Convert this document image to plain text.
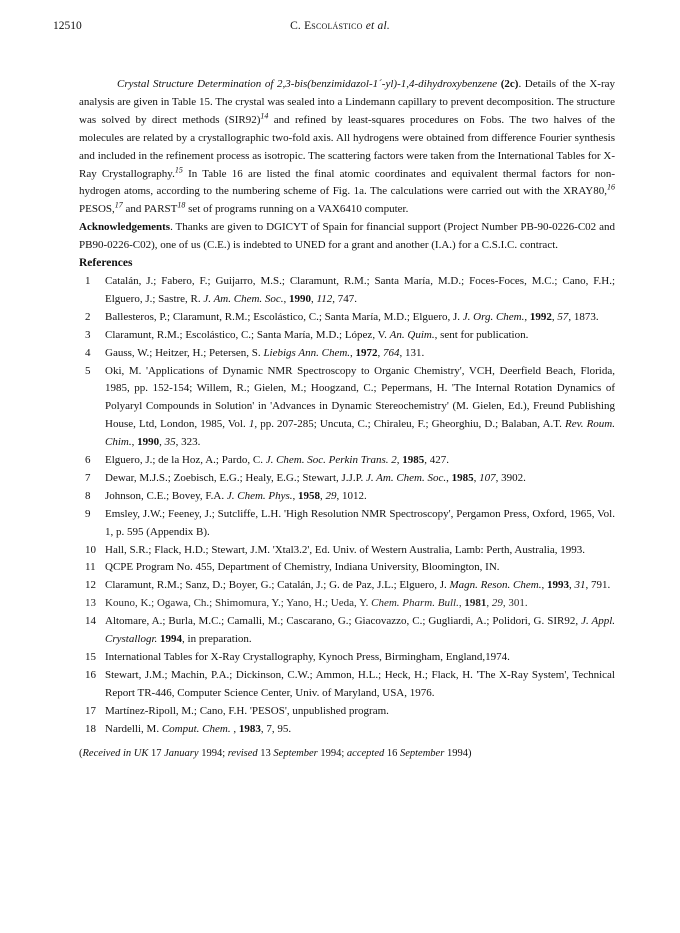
12510	C. Escolástico et al.

Crystal Structure Determination of 2,3-bis(benzimidazol-1´-yl)-1,4-dihydroxybenzene (2c). Details of the X-ray analysis are given in Table 15. The crystal was sealed into a Lindemann capillary to prevent decomposition. The structure was solved by direct methods $(SIR92)^{14}$ and refined by least-squares procedures on Fobs. The two halves of the molecules are related by a crystallographic two-fold axis. All hydrogens were obtained from difference Fourier synthesis and included in the refinement process as isotropic. The scattering factors were taken from the International Tables for X-Ray Crystallography.$^{15}$ In Table 16 are listed the final atomic coordinates and equivalent thermal factors for non-hydrogen atoms, according to the numbering scheme of Fig. 1a. The calculations were carried out with the XRAY80,16 PESOS,$^{17}$ and PARST$^{18}$ set of programs running on a VAX6410 computer.

Acknowledgements. Thanks are given to DGICYT of Spain for financial support (Project Number PB-90-0226-C02 and PB90-0226-C02), one of us (C.E.) is indebted to UNED for a grant and another (I.A.) for a C.S.I.C. contract.

References

1	Catalán, J.; Fabero, F.; Guijarro, M.S.; Claramunt, R.M.; Santa María, M.D.; Foces-Foces, M.C.; Cano, F.H.; Elguero, J.; Sastre, R. J. Am. Chem. Soc., 1990, 112, 747.
2	Ballesteros, P.; Claramunt, R.M.; Escolástico, C.; Santa María, M.D.; Elguero, J. J. Org. Chem., 1992, 57, 1873.
3	Claramunt, R.M.; Escolástico, C.; Santa María, M.D.; López, V. An. Quim., sent for publication.
4	Gauss, W.; Heitzer, H.; Petersen, S. Liebigs Ann. Chem., 1972, 764, 131.
5	Oki, M. 'Applications of Dynamic NMR Spectroscopy to Organic Chemistry', VCH, Deerfield Beach, Florida, 1985, pp. 152-154; Willem, R.; Gielen, M.; Hoogzand, C.; Pepermans, H. 'The Internal Rotation Dynamics of Polyaryl Compounds in Solution' in 'Advances in Dynamic Stereochemistry' (M. Gielen, Ed.), Freund Publishing House, Ltd, London, 1985, Vol. 1, pp. 207-285; Uncuta, C.; Chiraleu, F.; Gheorghiu, D.; Balaban, A.T. Rev. Roum. Chim., 1990, 35, 323.
6	Elguero, J.; de la Hoz, A.; Pardo, C. J. Chem. Soc. Perkin Trans. 2, 1985, 427.
7	Dewar, M.J.S.; Zoebisch, E.G.; Healy, E.G.; Stewart, J.J.P. J. Am. Chem. Soc., 1985, 107, 3902.
8	Johnson, C.E.; Bovey, F.A. J. Chem. Phys., 1958, 29, 1012.
9	Emsley, J.W.; Feeney, J.; Sutcliffe, L.H. 'High Resolution NMR Spectroscopy', Pergamon Press, Oxford, 1965, Vol. 1, p. 595 (Appendix B).
10 Hall, S.R.; Flack, H.D.; Stewart, J.M. 'Xtal3.2', Ed. Univ. of Western Australia, Lamb: Perth, Australia, 1993.
11 QCPE Program No. 455, Department of Chemistry, Indiana University, Bloomington, IN.
12 Claramunt, R.M.; Sanz, D.; Boyer, G.; Catalán, J.; G. de Paz, J.L.; Elguero, J. Magn. Reson. Chem., 1993, 31, 791.
13 Kouno, K.; Ogawa, Ch.; Shimomura, Y.; Yano, H.; Ueda, Y. Chem. Pharm. Bull., 1981, 29, 301.
14 Altomare, A.; Burla, M.C.; Camalli, M.; Cascarano, G.; Giacovazzo, C.; Gugliardi, A.; Polidori, G. SIR92, J. Appl. Crystallogr. 1994, in preparation.
15 International Tables for X-Ray Crystallography, Kynoch Press, Birmingham, England,1974.
16 Stewart, J.M.; Machin, P.A.; Dickinson, C.W.; Ammon, H.L.; Heck, H.; Flack, H. 'The X-Ray System', Technical Report TR-446, Computer Science Center, Univ. of Maryland, USA, 1976.
17 Martínez-Ripoll, M.; Cano, F.H. 'PESOS', unpublished program.
18 Nardelli, M. Comput. Chem. , 1983, 7, 95.

(Received in UK 17 January 1994; revised 13 September 1994; accepted 16 September 1994)
